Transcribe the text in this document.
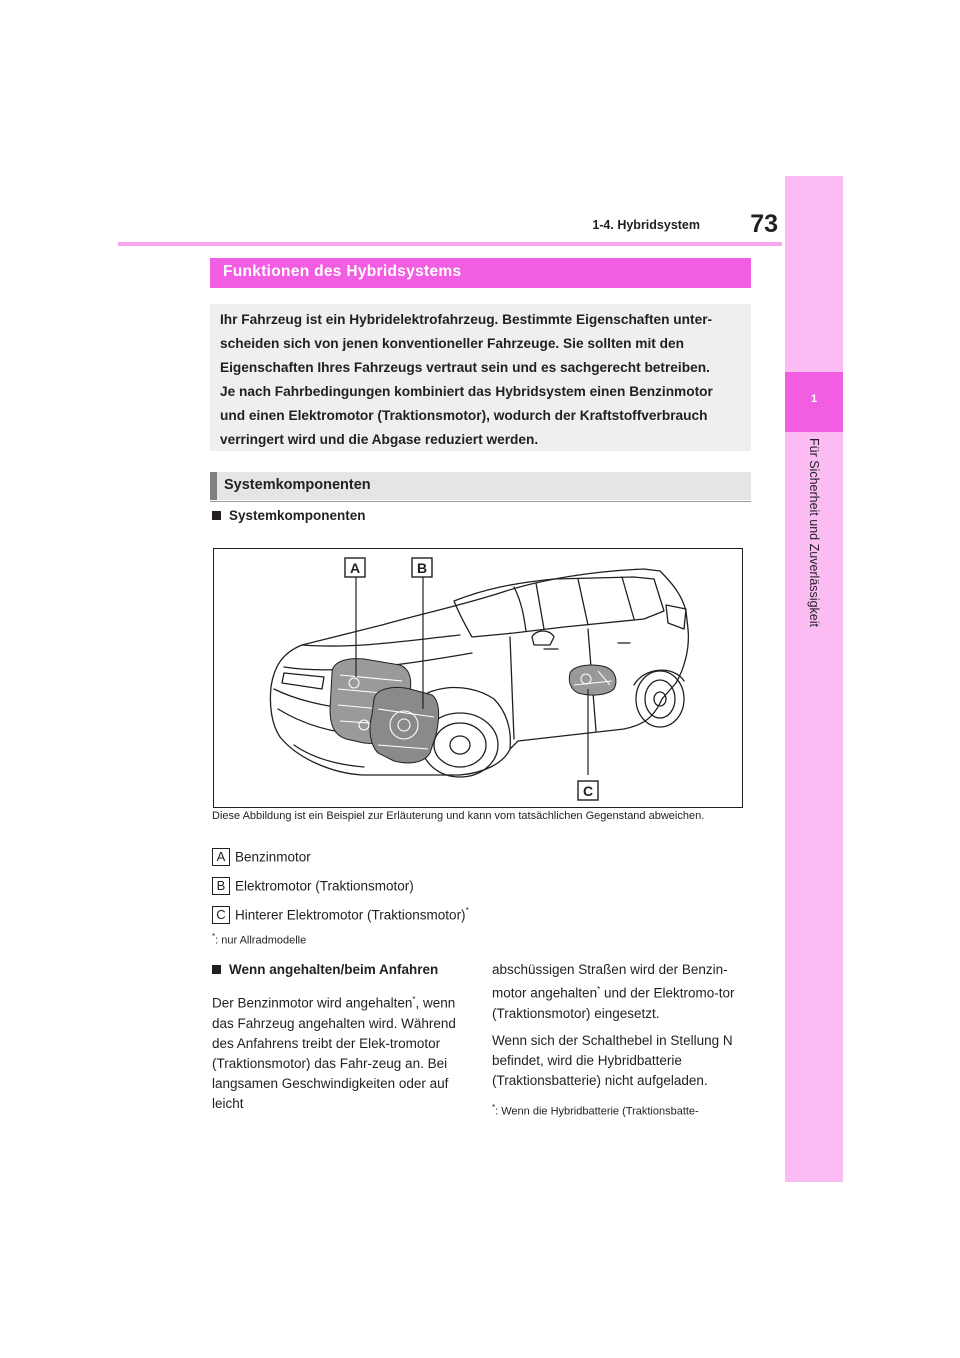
73
1-4. Hybridsystem
1
Für Sicherheit und Zuverlässigkeit
Funktionen des Hybridsystems
Ihr Fahrzeug ist ein Hybridelektrofahrzeug. Bestimmte Eigenschaften unter-
scheiden sich von jenen konventioneller Fahrzeuge. Sie sollten mit den
Eigenschaften Ihres Fahrzeugs vertraut sein und es sachgerecht betreiben.
Je nach Fahrbedingungen kombiniert das Hybridsystem einen Benzinmotor
und einen Elektromotor (Traktionsmotor), wodurch der Kraftstoffverbrauch
verringert wird und die Abgase reduziert werden.
Systemkomponenten
Systemkomponenten
A	B
C
Diese Abbildung ist ein Beispiel zur Erläuterung und kann vom tatsächlichen Gegenstand abweichen.
A Benzinmotor
B Elektromotor (Traktionsmotor)
C Hinterer Elektromotor (Traktionsmotor)*
*: nur Allradmodelle

Wenn angehalten/beim Anfahren

Der Benzinmotor wird angehalten*, wenn das Fahrzeug angehalten wird. Während des Anfahrens treibt der Elek-tromotor (Traktionsmotor) das Fahr-zeug an. Bei langsamen Geschwindigkeiten oder auf leicht

abschüssigen Straßen wird der Benzin-motor angehalten* und der Elektromo-tor (Traktionsmotor) eingesetzt.

Wenn sich der Schalthebel in Stellung N befindet, wird die Hybridbatterie (Traktionsbatterie) nicht aufgeladen.

*: Wenn die Hybridbatterie (Traktionsbatte-
